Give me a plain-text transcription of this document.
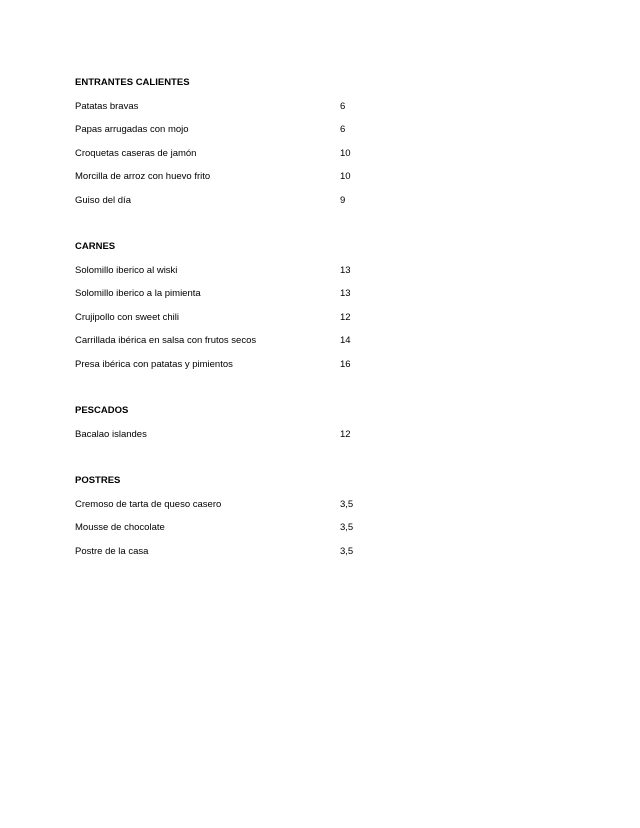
ENTRANTES CALIENTES
Patatas bravas	6
Papas arrugadas con mojo	6
Croquetas caseras de jamón	10
Morcilla de arroz con huevo frito	10
Guiso del día	9
CARNES
Solomillo iberico al wiski	13
Solomillo iberico a la pimienta	13
Crujipollo con sweet chili	12
Carrillada ibérica en salsa con frutos secos	14
Presa ibérica con patatas y pimientos	16
PESCADOS
Bacalao islandes	12
POSTRES
Cremoso de tarta de queso casero	3,5
Mousse de chocolate	3,5
Postre de la casa	3,5
